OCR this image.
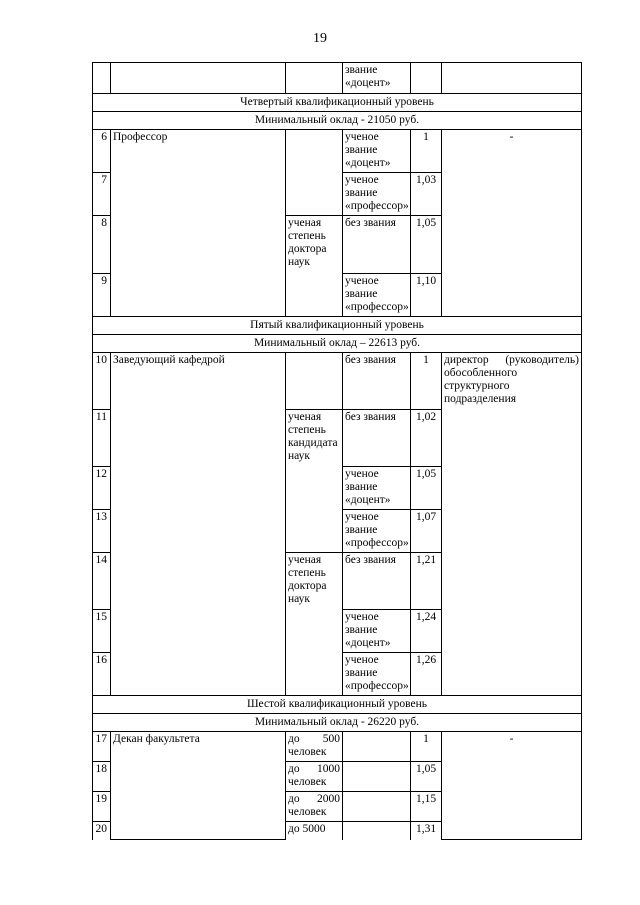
19
			звание «доцент»		
Четвертый квалификационный уровень					
Минимальный оклад - 21050 руб.					
6	Профессор		ученое звание «доцент»	1	-
7			ученое звание «профессор»	1,03	
8		ученая степень доктора наук	без звания	1,05	
9			ученое звание «профессор»	1,10	
Пятый квалификационный уровень					
Минимальный оклад – 22613 руб.					
10	Заведующий кафедрой		без звания	1	директор (руководитель) обособленного структурного подразделения
11		ученая степень кандидата наук	без звания	1,02	
12			ученое звание «доцент»	1,05	
13			ученое звание «профессор»	1,07	
14		ученая степень доктора наук	без звания	1,21	
15			ученое звание «доцент»	1,24	
16			ученое звание «профессор»	1,26	
Шестой квалификационный уровень					
Минимальный оклад - 26220 руб.					
17	Декан факультета	до 500 человек		1	-
18		до 1000 человек		1,05	
19		до 2000 человек		1,15	
20		до 5000		1,31	
